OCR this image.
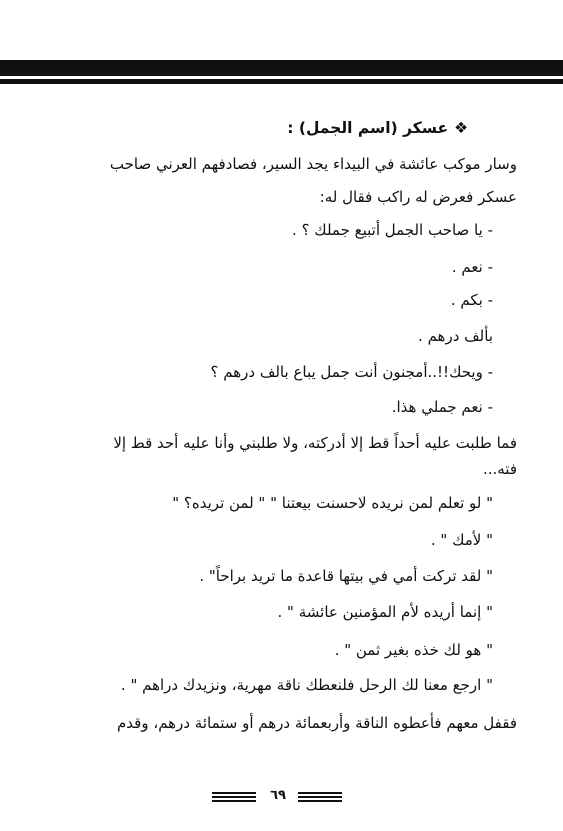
❖عسكر (اسم الجمل) :
وسار موكب عائشة في البيداء يجد السير، فصادفهم العرني صاحب
عسكر فعرض له راكب فقال له:
- يا صاحب الجمل أتبيع جملك ؟ .
- نعم .
- بكم .
بألف درهم .
- ويحك!!..أمجنون أنت جمل يباع بالف درهم ؟
- نعم جملي هذا.
فما طلبت عليه أحداً قط إلا أدركته، ولا طلبني وأنا عليه أحد قط إلا
فته...
" لو تعلم لمن نريده لاحسنت بيعتنا " " لمن تريده؟ "
" لأمك " .
" لقد تركت أمي في بيتها قاعدة ما تريد براحاً" .
" إنما أريده لأم المؤمنين عائشة " .
" هو لك خذه بغير ثمن " .
" ارجع معنا لك الرحل فلنعطك ناقة مهرية، ونزيدك دراهم " .
فقفل معهم فأعطوه الناقة وأربعمائة درهم أو ستمائة درهم، وقدم
٦٩
